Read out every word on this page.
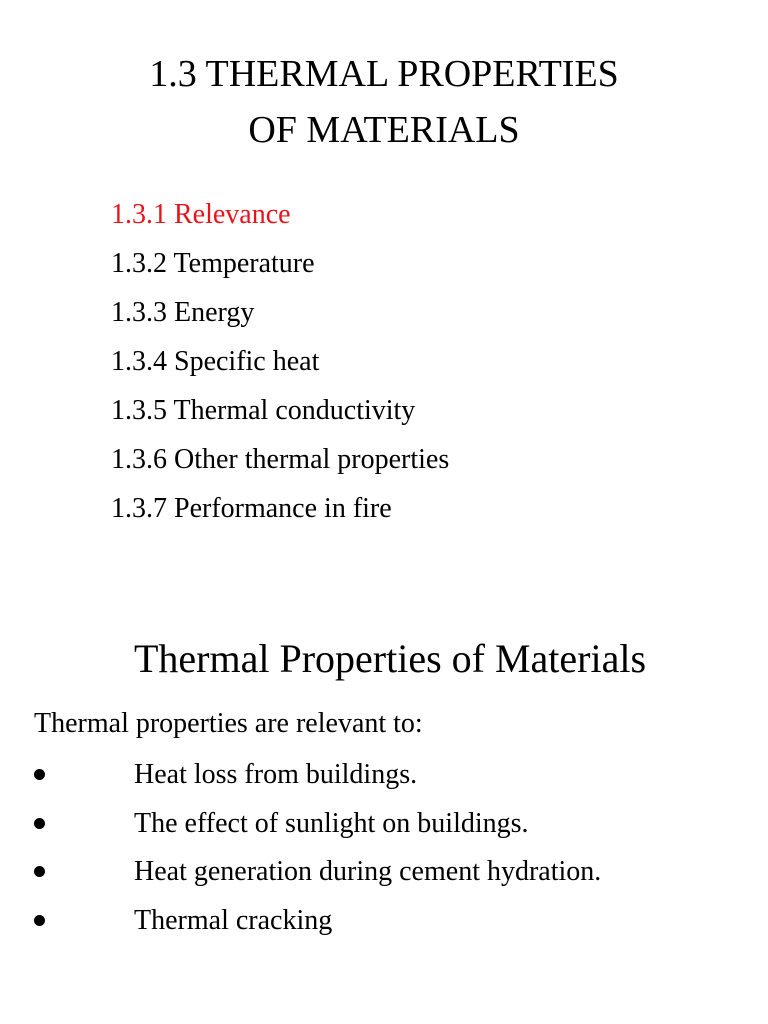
1.3 THERMAL PROPERTIES
OF MATERIALS
1.3.1 Relevance
1.3.2 Temperature
1.3.3 Energy
1.3.4 Specific heat
1.3.5 Thermal conductivity
1.3.6 Other thermal properties
1.3.7 Performance in fire
Thermal Properties of Materials

Thermal properties are relevant to:

Heat loss from buildings.
The effect of sunlight on buildings.
Heat generation during cement hydration.
Thermal cracking
